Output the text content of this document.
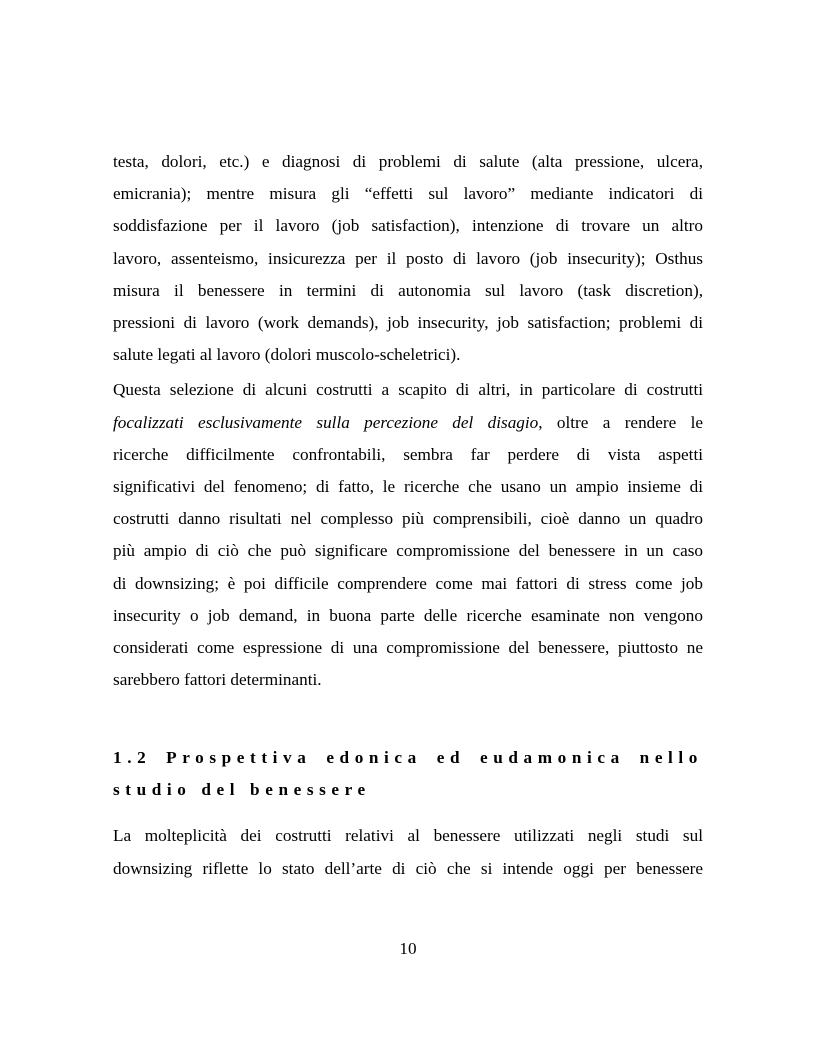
testa, dolori, etc.) e diagnosi di problemi di salute (alta pressione, ulcera,
emicrania); mentre misura gli “effetti sul lavoro” mediante indicatori di
soddisfazione per il lavoro (job satisfaction), intenzione di trovare un altro
lavoro, assenteismo, insicurezza per il posto di lavoro (job insecurity); Osthus
misura il benessere in termini di autonomia sul lavoro (task discretion),
pressioni di lavoro (work demands), job insecurity, job satisfaction; problemi di
salute legati al lavoro (dolori muscolo-scheletrici).

Questa selezione di alcuni costrutti a scapito di altri, in particolare di costrutti
focalizzati esclusivamente sulla percezione del disagio, oltre a rendere le
ricerche difficilmente confrontabili, sembra far perdere di vista aspetti
significativi del fenomeno; di fatto, le ricerche che usano un ampio insieme di
costrutti danno risultati nel complesso più comprensibili, cioè danno un quadro
più ampio di ciò che può significare compromissione del benessere in un caso
di downsizing; è poi difficile comprendere come mai fattori di stress come job
insecurity o job demand, in buona parte delle ricerche esaminate non vengono
considerati come espressione di una compromissione del benessere, piuttosto ne
sarebbero fattori determinanti.

1.2 Prospettiva edonica ed eudamonica nello
studio del benessere

La molteplicità dei costrutti relativi al benessere utilizzati negli studi sul
downsizing riflette lo stato dell’arte di ciò che si intende oggi per benessere

10
